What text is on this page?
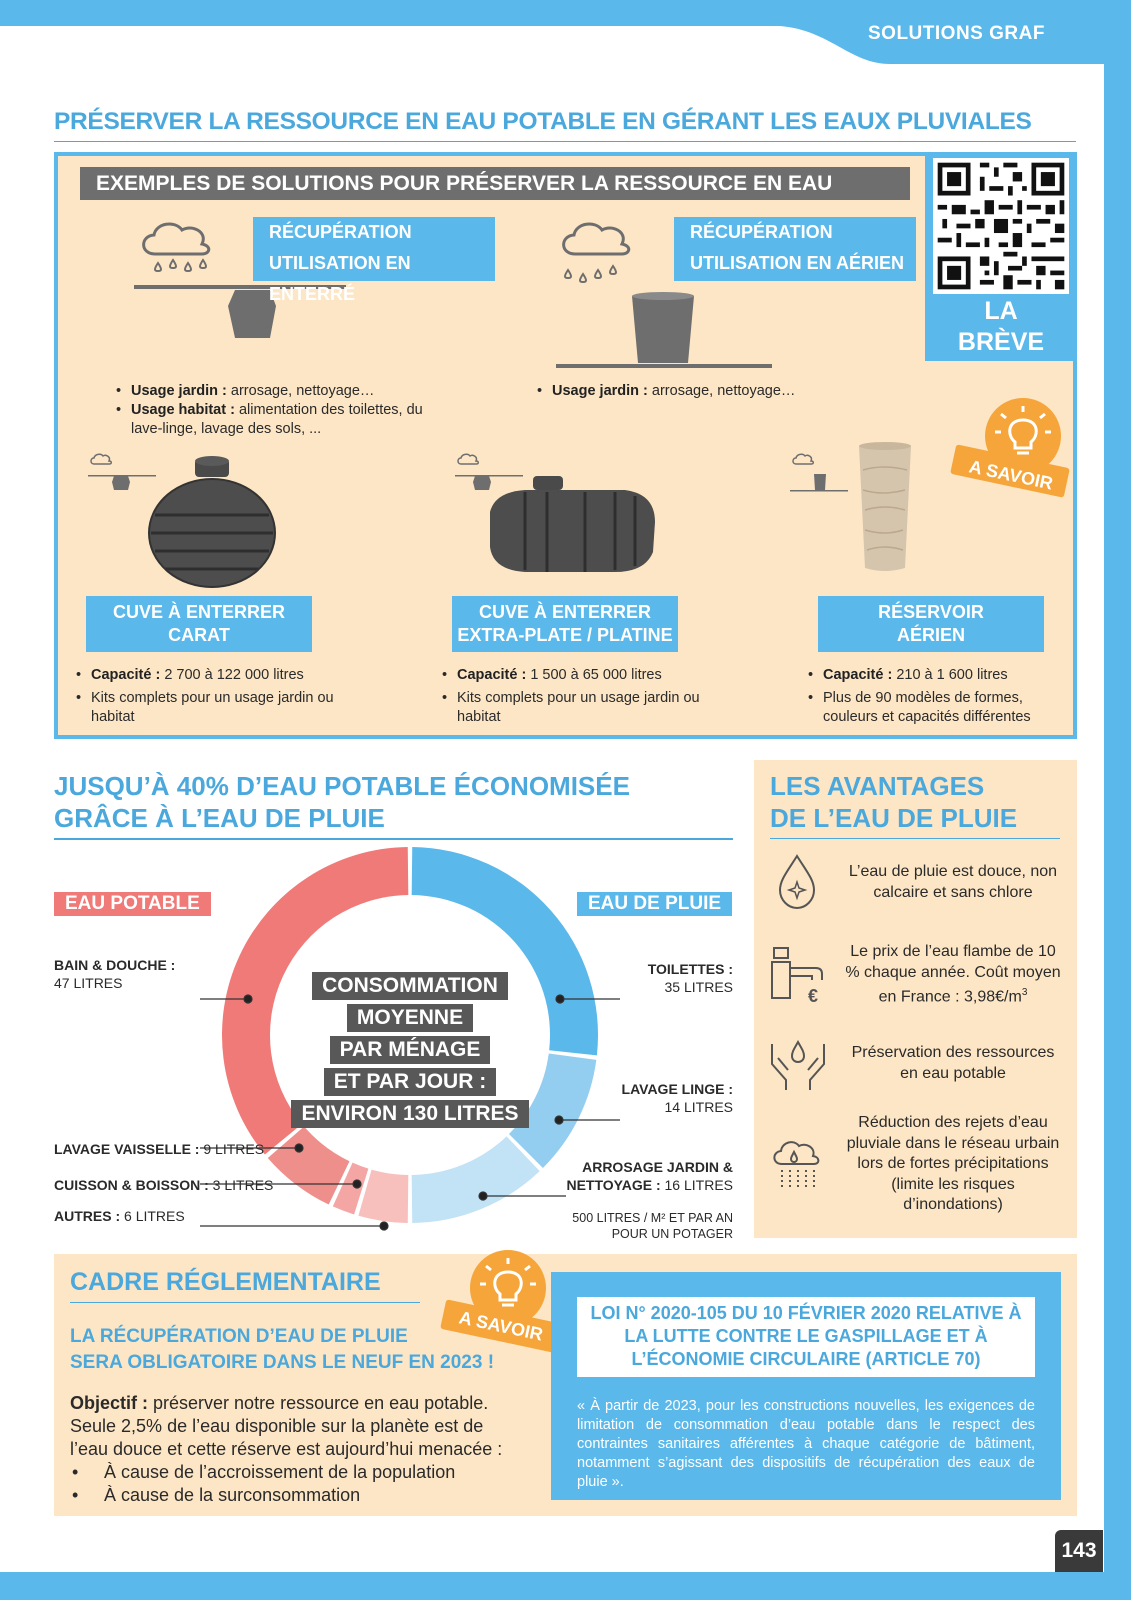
SOLUTIONS GRAF
143
PRÉSERVER LA RESSOURCE EN EAU POTABLE EN GÉRANT LES EAUX PLUVIALES
EXEMPLES DE SOLUTIONS POUR PRÉSERVER LA RESSOURCE EN EAU
LA
BRÈVE
RÉCUPÉRATION
UTILISATION EN ENTERRÉ
RÉCUPÉRATION
UTILISATION EN AÉRIEN
• Usage jardin : arrosage, nettoyage…
• Usage habitat : alimentation des toilettes, du lave-linge, lavage des sols, ...
• Usage jardin : arrosage, nettoyage…
A SAVOIR
CUVE À ENTERRER
CARAT
CUVE À ENTERRER
EXTRA-PLATE / PLATINE
RÉSERVOIR
AÉRIEN
• Capacité : 2 700 à 122 000 litres
• Kits complets pour un usage jardin ou habitat
• Capacité : 1 500 à 65 000 litres
• Kits complets pour un usage jardin ou habitat
• Capacité : 210 à 1 600 litres
• Plus de 90 modèles de formes, couleurs et capacités différentes
JUSQU’À 40% D’EAU POTABLE ÉCONOMISÉE
GRÂCE À L’EAU DE PLUIE
EAU POTABLE	EAU DE PLUIE
CONSOMMATION
MOYENNE
PAR MÉNAGE
ET PAR JOUR :
ENVIRON 130 LITRES
BAIN & DOUCHE :
47 LITRES
TOILETTES :
35 LITRES
LAVAGE LINGE :
14 LITRES
ARROSAGE JARDIN &
NETTOYAGE : 16 LITRES
500 LITRES / M² ET PAR AN
POUR UN POTAGER
LAVAGE VAISSELLE : 9 LITRES
CUISSON & BOISSON : 3 LITRES
AUTRES : 6 LITRES
LES AVANTAGES
DE L’EAU DE PLUIE
L’eau de pluie est douce, non calcaire et sans chlore
€
Le prix de l’eau flambe de 10 % chaque année. Coût moyen en France : $3,98€/m^3$
Préservation des ressources en eau potable
Réduction des rejets d’eau pluviale dans le réseau urbain lors de fortes précipitations (limite les risques d’inondations)
CADRE RÉGLEMENTAIRE
LA RÉCUPÉRATION D’EAU DE PLUIE
SERA OBLIGATOIRE DANS LE NEUF EN 2023 !

Objectif : préserver notre ressource en eau potable. Seule 2,5% de l’eau disponible sur la planète est de l’eau douce et cette réserve est aujourd’hui menacée :

• À cause de l’accroissement de la population
• À cause de la surconsommation
A SAVOIR	LOI N° 2020-105 DU 10 FÉVRIER 2020 RELATIVE À LA LUTTE CONTRE LE GASPILLAGE ET À L’ÉCONOMIE CIRCULAIRE (ARTICLE 70)
« À partir de 2023, pour les constructions nouvelles, les exigences de limitation de consommation d’eau potable dans le respect des contraintes sanitaires afférentes à chaque catégorie de bâtiment, notamment s’agissant des dispositifs de récupération des eaux de pluie ».
